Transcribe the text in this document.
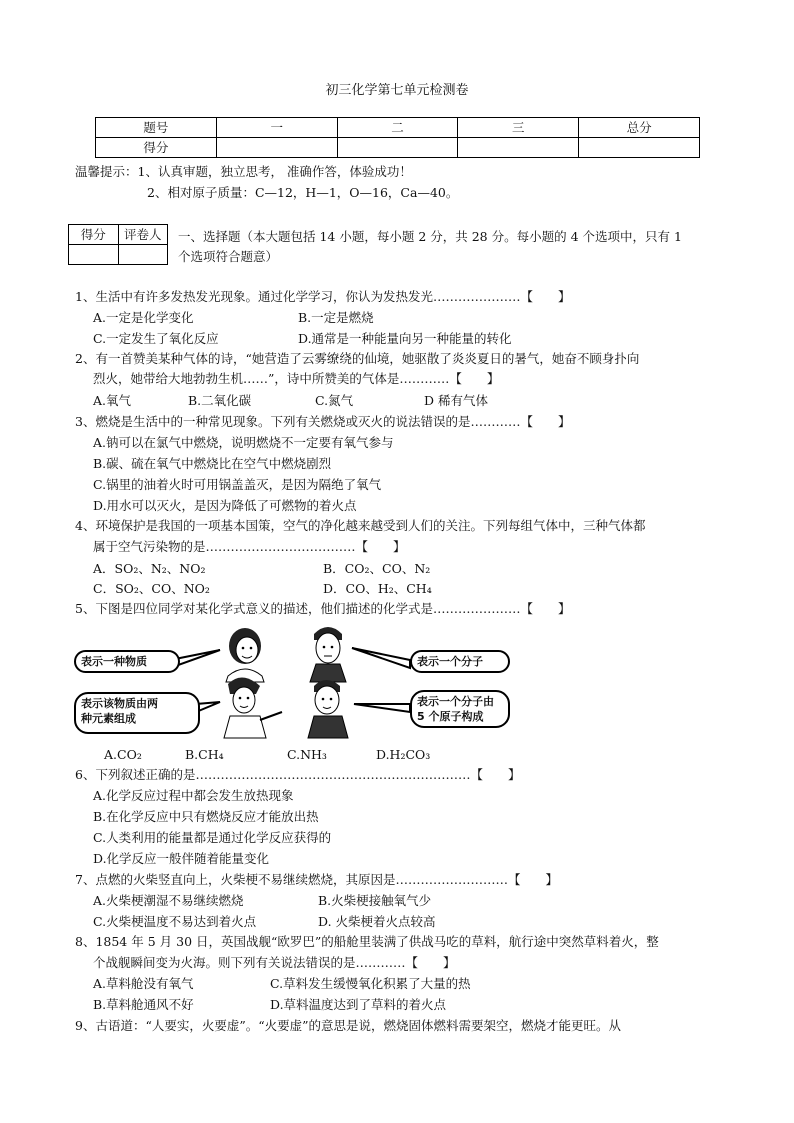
初三化学第七单元检测卷
题号	一	二	三	总分
得分				
温馨提示：1、认真审题，独立思考， 准确作答，体验成功！
2、相对原子质量：C—12，H—1，O—16，Ca—40。
得分	评卷人
	一、选择题（本大题包括 14 小题，每小题 2 分，共 28 分。每小题的 4 个选项中，只有 1
个选项符合题意）
1、生活中有许多发热发光现象。通过化学学习，你认为发热发光…………………【　　】
A.一定是化学变化	B.一定是燃烧
C.一定发生了氧化反应	D.通常是一种能量向另一种能量的转化
2、有一首赞美某种气体的诗，“她营造了云雾缭绕的仙境，她驱散了炎炎夏日的暑气，她奋不顾身扑向
烈火，她带给大地勃勃生机……”，诗中所赞美的气体是…………【　　】
A.氧气	B.二氧化碳	C.氮气	D 稀有气体
3、燃烧是生活中的一种常见现象。下列有关燃烧或灭火的说法错误的是…………【　　】
A.钠可以在氯气中燃烧，说明燃烧不一定要有氧气参与
B.碳、硫在氧气中燃烧比在空气中燃烧剧烈
C.锅里的油着火时可用锅盖盖灭，是因为隔绝了氧气
D.用水可以灭火，是因为降低了可燃物的着火点
4、环境保护是我国的一项基本国策，空气的净化越来越受到人们的关注。下列每组气体中，三种气体都
属于空气污染物的是………………………………【　　】
A．SO₂、N₂、NO₂	B．CO₂、CO、N₂
C．SO₂、CO、NO₂	D．CO、H₂、CH₄
5、下图是四位同学对某化学式意义的描述，他们描述的化学式是…………………【　　】
表示一种物质	表示一个分子
表示该物质由两
种元素组成
表示一个分子由
5 个原子构成
A.CO₂	B.CH₄	C.NH₃	D.H₂CO₃
6、下列叙述正确的是…………………………………………………………【　　】
A.化学反应过程中都会发生放热现象
B.在化学反应中只有燃烧反应才能放出热
C.人类利用的能量都是通过化学反应获得的
D.化学反应一般伴随着能量变化
7、点燃的火柴竖直向上，火柴梗不易继续燃烧，其原因是………………………【　　】
A.火柴梗潮湿不易继续燃烧	B.火柴梗接触氧气少
C.火柴梗温度不易达到着火点	D. 火柴梗着火点较高
8、1854 年 5 月 30 日，英国战舰“欧罗巴”的船舱里装满了供战马吃的草料，航行途中突然草料着火，整
个战舰瞬间变为火海。则下列有关说法错误的是…………【　　】
A.草料舱没有氧气	C.草料发生缓慢氧化积累了大量的热
B.草料舱通风不好	D.草料温度达到了草料的着火点
9、古语道：“人要实，火要虚”。“火要虚”的意思是说，燃烧固体燃料需要架空，燃烧才能更旺。从
